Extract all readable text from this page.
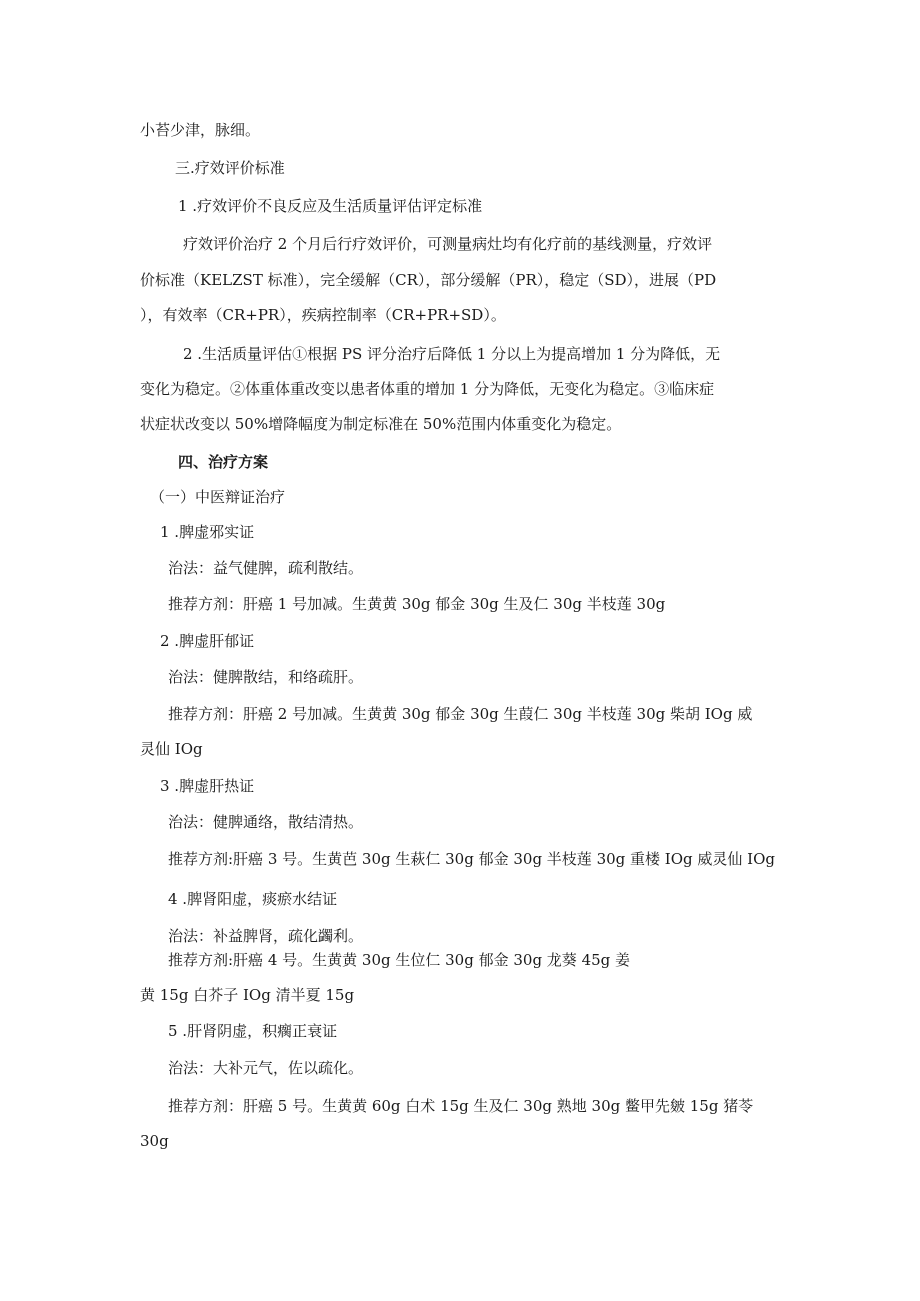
小苔少津，脉细。
三.疗效评价标准
1 .疗效评价不良反应及生活质量评估评定标准
疗效评价治疗 2 个月后行疗效评价，可测量病灶均有化疗前的基线测量，疗效评
价标准（KELZST 标准），完全缓解（CR），部分缓解（PR），稳定（SD），进展（PD
），有效率（CR+PR），疾病控制率（CR+PR+SD）。
2 .生活质量评估①根据 PS 评分治疗后降低 1 分以上为提高增加 1 分为降低，无
变化为稳定。②体重体重改变以患者体重的增加 1 分为降低，无变化为稳定。③临床症
状症状改变以 50%增降幅度为制定标准在 50%范围内体重变化为稳定。
四、治疗方案
（一）中医辩证治疗
1 .脾虚邪实证
治法：益气健脾，疏利散结。
推荐方剂：肝癌 1 号加减。生黄黄 30g 郁金 30g 生及仁 30g 半枝莲 30g
2 .脾虚肝郁证
治法：健脾散结，和络疏肝。
推荐方剂：肝癌 2 号加减。生黄黄 30g 郁金 30g 生葭仁 30g 半枝莲 30g 柴胡 IOg 威
灵仙 IOg
3 .脾虚肝热证
治法：健脾通络，散结清热。
推荐方剂:肝癌 3 号。生黄芭 30g 生萩仁 30g 郁金 30g 半枝莲 30g 重楼 IOg 威灵仙 IOg
4 .脾肾阳虚，痰瘀水结证
治法：补益脾肾，疏化蠲利。
推荐方剂:肝癌 4 号。生黄黄 30g 生位仁 30g 郁金 30g 龙葵 45g 姜
黄 15g 白芥子 IOg 清半夏 15g
5 .肝肾阴虚，积瘸正衰证
治法：大补元气，佐以疏化。
推荐方剂：肝癌 5 号。生黄黄 60g 白术 15g 生及仁 30g 熟地 30g 鳖甲先皴 15g 猪苓
30g
